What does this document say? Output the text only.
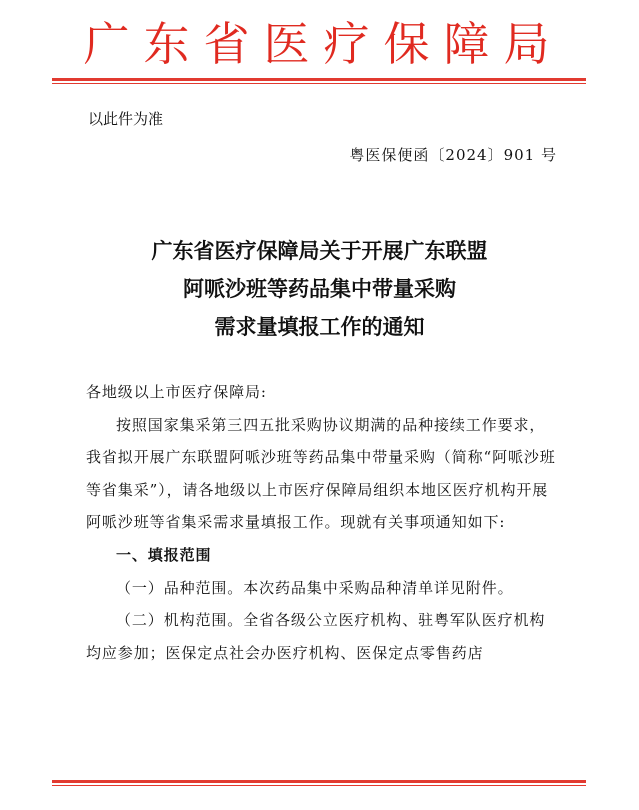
广东省医疗保障局
以此件为准
粤医保便函〔2024〕901 号
广东省医疗保障局关于开展广东联盟
阿哌沙班等药品集中带量采购
需求量填报工作的通知

各地级以上市医疗保障局:

按照国家集采第三四五批采购协议期满的品种接续工作要求，我省拟开展广东联盟阿哌沙班等药品集中带量采购（简称“阿哌沙班等省集采”），请各地级以上市医疗保障局组织本地区医疗机构开展阿哌沙班等省集采需求量填报工作。现就有关事项通知如下:

一、填报范围

（一）品种范围。本次药品集中采购品种清单详见附件。

（二）机构范围。全省各级公立医疗机构、驻粤军队医疗机构均应参加；医保定点社会办医疗机构、医保定点零售药店
